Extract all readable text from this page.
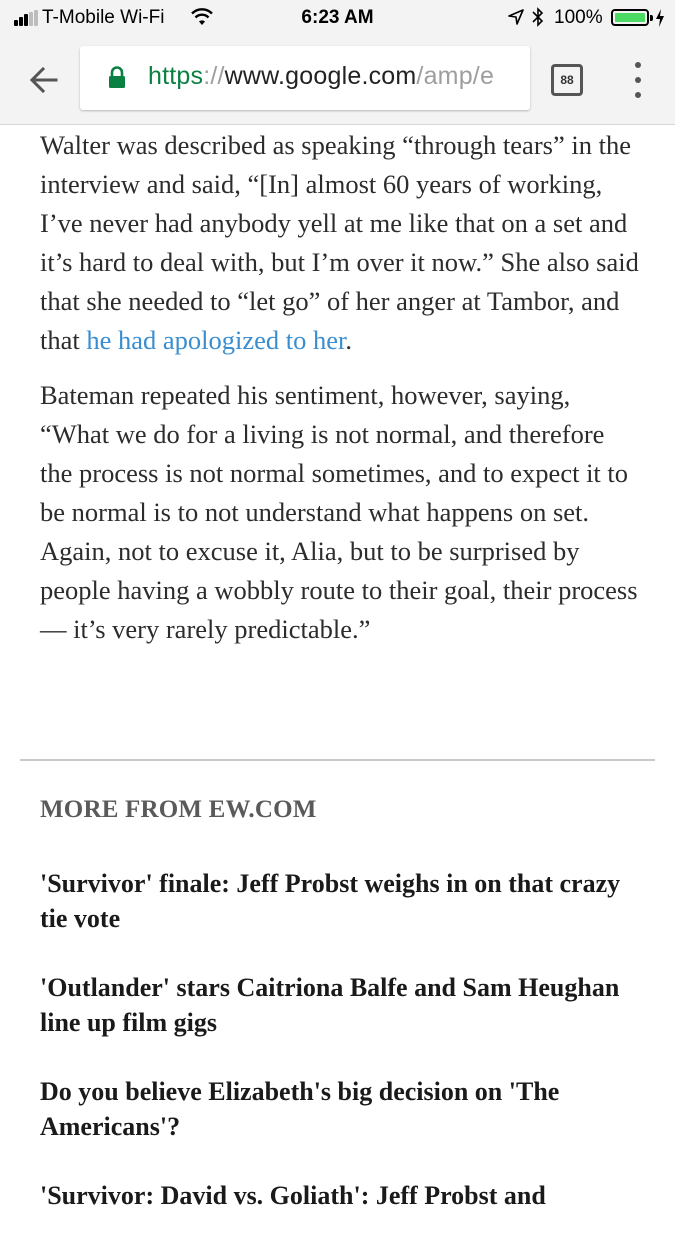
T-Mobile Wi-Fi	6:23 AM	100%
https://www.google.com/amp/e	88

Walter was described as speaking “through tears” in the interview and said, “[In] almost 60 years of working, I’ve never had anybody yell at me like that on a set and it’s hard to deal with, but I’m over it now.” She also said that she needed to “let go” of her anger at Tambor, and that he had apologized to her.

Bateman repeated his sentiment, however, saying, “What we do for a living is not normal, and therefore the process is not normal sometimes, and to expect it to be normal is to not understand what happens on set. Again, not to excuse it, Alia, but to be surprised by people having a wobbly route to their goal, their process — it’s very rarely predictable.”

MORE FROM EW.COM
'Survivor' finale: Jeff Probst weighs in on that crazy tie vote
'Outlander' stars Caitriona Balfe and Sam Heughan line up film gigs
Do you believe Elizabeth's big decision on 'The Americans'?
'Survivor: David vs. Goliath': Jeff Probst and
